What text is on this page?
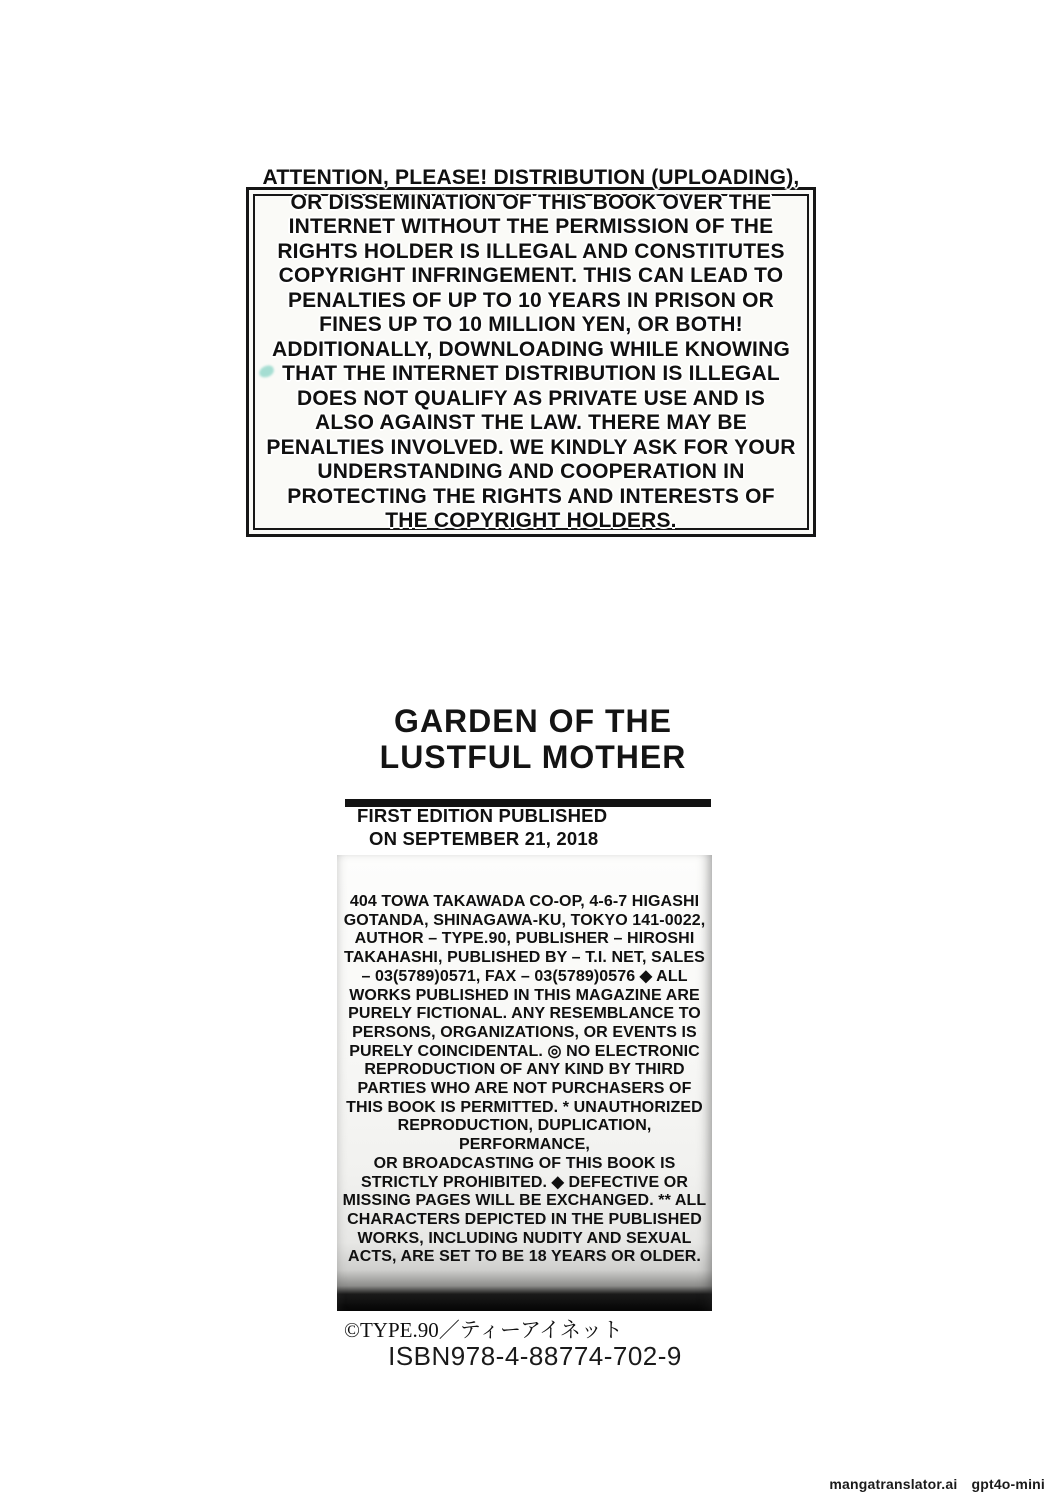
ATTENTION, PLEASE! DISTRIBUTION (UPLOADING),
OR DISSEMINATION OF THIS BOOK OVER THE
INTERNET WITHOUT THE PERMISSION OF THE
RIGHTS HOLDER IS ILLEGAL AND CONSTITUTES
COPYRIGHT INFRINGEMENT. THIS CAN LEAD TO
PENALTIES OF UP TO 10 YEARS IN PRISON OR
FINES UP TO 10 MILLION YEN, OR BOTH!
ADDITIONALLY, DOWNLOADING WHILE KNOWING
THAT THE INTERNET DISTRIBUTION IS ILLEGAL
DOES NOT QUALIFY AS PRIVATE USE AND IS
ALSO AGAINST THE LAW. THERE MAY BE
PENALTIES INVOLVED. WE KINDLY ASK FOR YOUR
UNDERSTANDING AND COOPERATION IN
PROTECTING THE RIGHTS AND INTERESTS OF
THE COPYRIGHT HOLDERS.
GARDEN OF THE
LUSTFUL MOTHER
FIRST EDITION PUBLISHED
ON SEPTEMBER 21, 2018
404 TOWA TAKAWADA CO-OP, 4-6-7 HIGASHI
GOTANDA, SHINAGAWA-KU, TOKYO 141-0022,
AUTHOR – TYPE.90, PUBLISHER – HIROSHI
TAKAHASHI, PUBLISHED BY – T.I. NET, SALES
– 03(5789)0571, FAX – 03(5789)0576 ◆ ALL
WORKS PUBLISHED IN THIS MAGAZINE ARE
PURELY FICTIONAL. ANY RESEMBLANCE TO
PERSONS, ORGANIZATIONS, OR EVENTS IS
PURELY COINCIDENTAL. ◎ NO ELECTRONIC
REPRODUCTION OF ANY KIND BY THIRD
PARTIES WHO ARE NOT PURCHASERS OF
THIS BOOK IS PERMITTED. * UNAUTHORIZED
REPRODUCTION, DUPLICATION, PERFORMANCE,
OR BROADCASTING OF THIS BOOK IS
STRICTLY PROHIBITED. ◆ DEFECTIVE OR
MISSING PAGES WILL BE EXCHANGED. ** ALL
CHARACTERS DEPICTED IN THE PUBLISHED
WORKS, INCLUDING NUDITY AND SEXUAL
ACTS, ARE SET TO BE 18 YEARS OR OLDER.
©TYPE.90／ティーアイネット
ISBN978-4-88774-702-9
mangatranslator.ai gpt4o-mini
